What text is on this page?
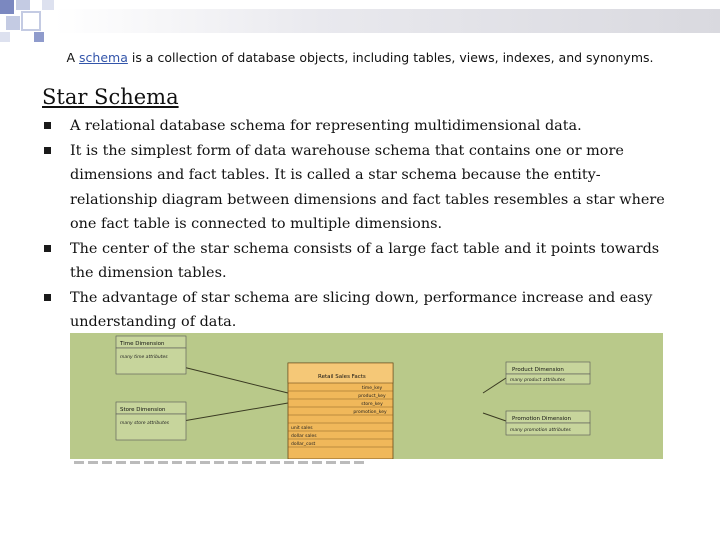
A schema is a collection of database objects, including tables, views, indexes, and synonyms.
Star Schema
A relational database schema for representing multidimensional data.
It is the simplest form of data warehouse schema that contains one or more dimensions and fact tables. It is called a star schema because the entity-relationship diagram between dimensions and fact tables resembles a star where one fact table is connected to multiple dimensions.
The center of the star schema consists of a large fact table and it points towards the dimension tables.
The advantage of star schema are slicing down, performance increase and easy understanding of data.
Time Dimension
many time attributes
Store Dimension
many store attributes
Retail Sales Facts
time_key
product_key
store_key
promotion_key
unit sales
dollar sales
dollar_cost
Product Dimension
many product attributes
Promotion Dimension
many promotion attributes
